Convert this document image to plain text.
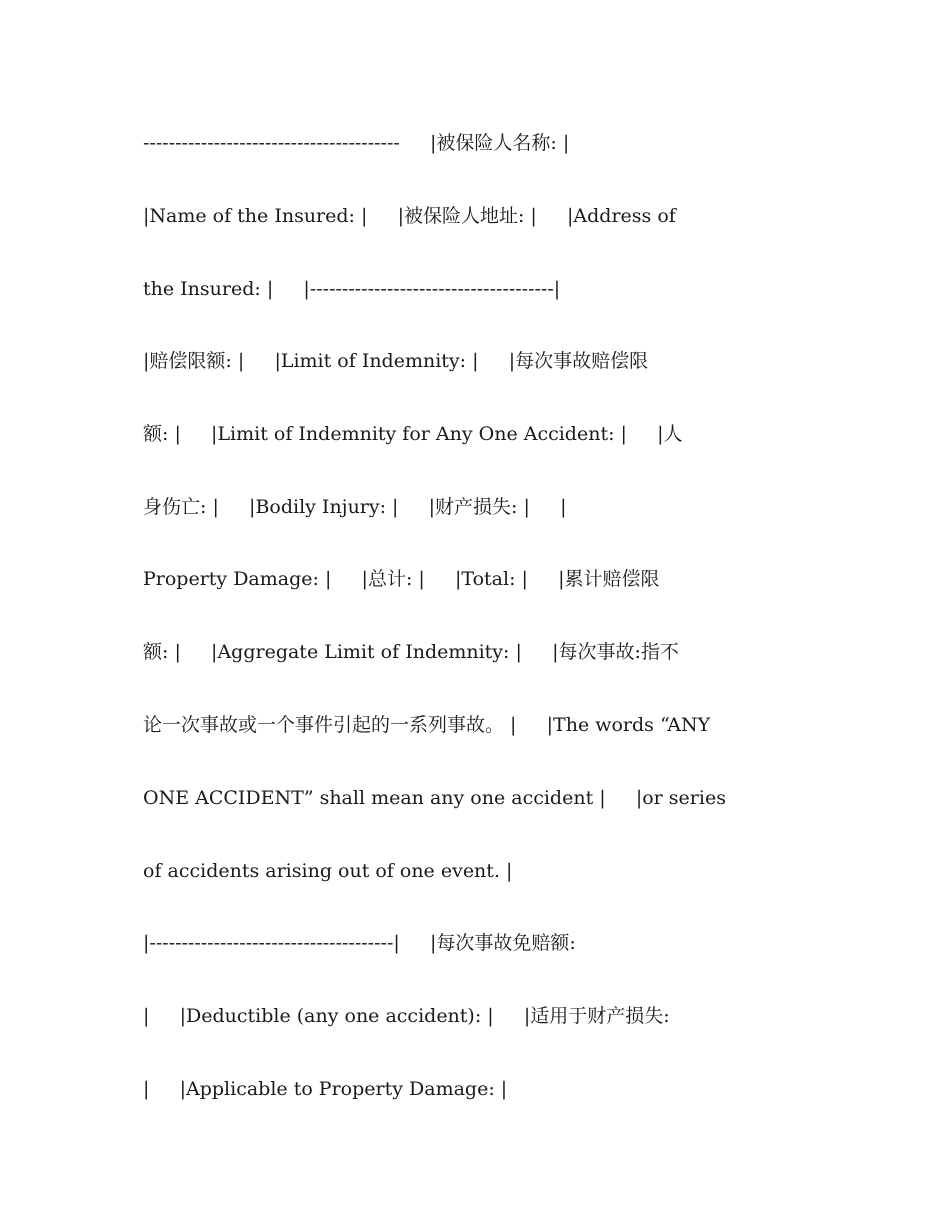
----------------------------------------     |被保险人名称: |
|Name of the Insured: |     |被保险人地址: |     |Address of
the Insured: |     |--------------------------------------|
|赔偿限额: |     |Limit of Indemnity: |     |每次事故赔偿限
额: |     |Limit of Indemnity for Any One Accident: |     |人
身伤亡: |     |Bodily Injury: |     |财产损失: |     |
Property Damage: |     |总计: |     |Total: |     |累计赔偿限
额: |     |Aggregate Limit of Indemnity: |     |每次事故:指不
论一次事故或一个事件引起的一系列事故。 |     |The words “ANY
ONE ACCIDENT” shall mean any one accident |     |or series
of accidents arising out of one event. |
|--------------------------------------|     |每次事故免赔额:
|     |Deductible (any one accident): |     |适用于财产损失:
|     |Applicable to Property Damage: |
